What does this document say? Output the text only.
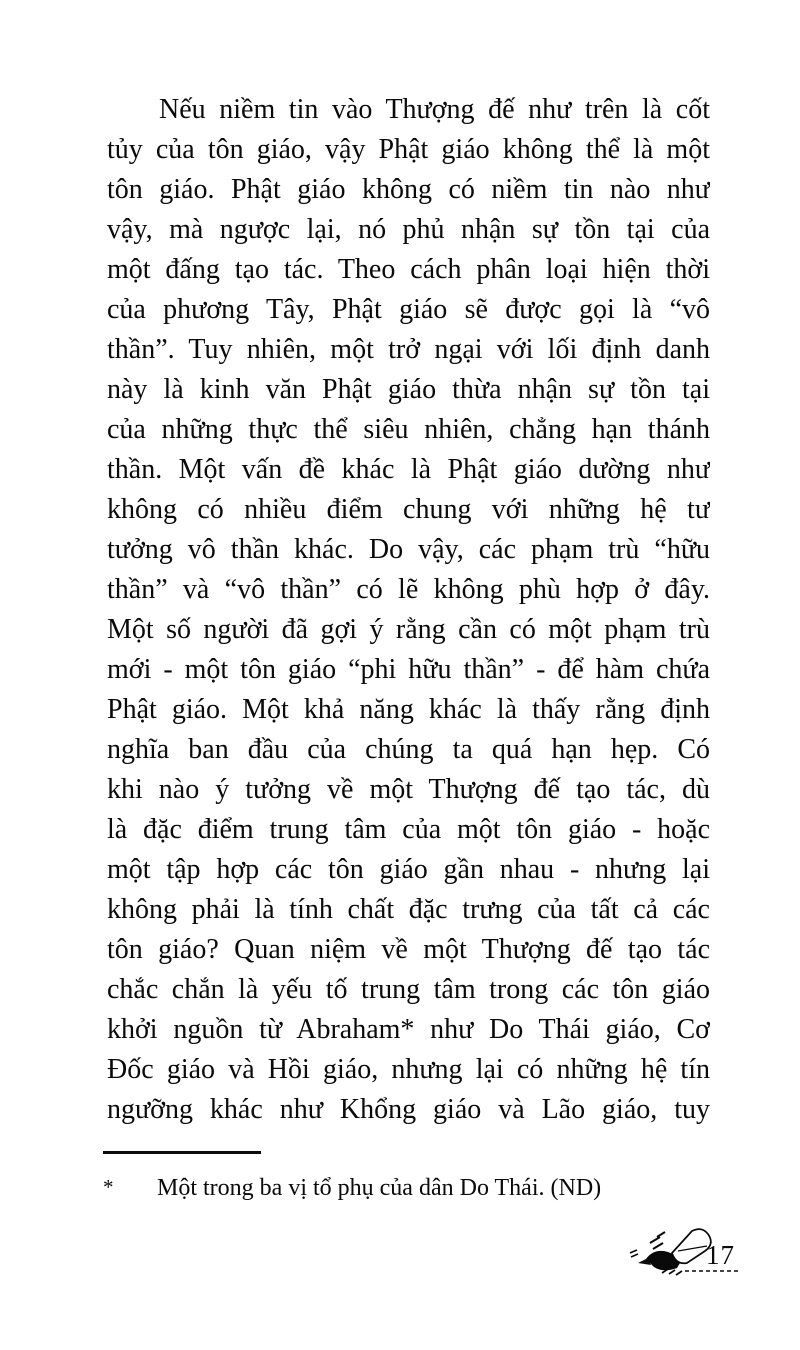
Nếu niềm tin vào Thượng đế như trên là cốt
tủy của tôn giáo, vậy Phật giáo không thể là một
tôn giáo. Phật giáo không có niềm tin nào như
vậy, mà ngược lại, nó phủ nhận sự tồn tại của
một đấng tạo tác. Theo cách phân loại hiện thời
của phương Tây, Phật giáo sẽ được gọi là “vô
thần”. Tuy nhiên, một trở ngại với lối định danh
này là kinh văn Phật giáo thừa nhận sự tồn tại
của những thực thể siêu nhiên, chẳng hạn thánh
thần. Một vấn đề khác là Phật giáo dường như
không có nhiều điểm chung với những hệ tư
tưởng vô thần khác. Do vậy, các phạm trù “hữu
thần” và “vô thần” có lẽ không phù hợp ở đây.
Một số người đã gợi ý rằng cần có một phạm trù
mới - một tôn giáo “phi hữu thần” - để hàm chứa
Phật giáo. Một khả năng khác là thấy rằng định
nghĩa ban đầu của chúng ta quá hạn hẹp. Có
khi nào ý tưởng về một Thượng đế tạo tác, dù
là đặc điểm trung tâm của một tôn giáo - hoặc
một tập hợp các tôn giáo gần nhau - nhưng lại
không phải là tính chất đặc trưng của tất cả các
tôn giáo? Quan niệm về một Thượng đế tạo tác
chắc chắn là yếu tố trung tâm trong các tôn giáo
khởi nguồn từ Abraham* như Do Thái giáo, Cơ
Đốc giáo và Hồi giáo, nhưng lại có những hệ tín
ngưỡng khác như Khổng giáo và Lão giáo, tuy
*	Một trong ba vị tổ phụ của dân Do Thái. (ND)
17
